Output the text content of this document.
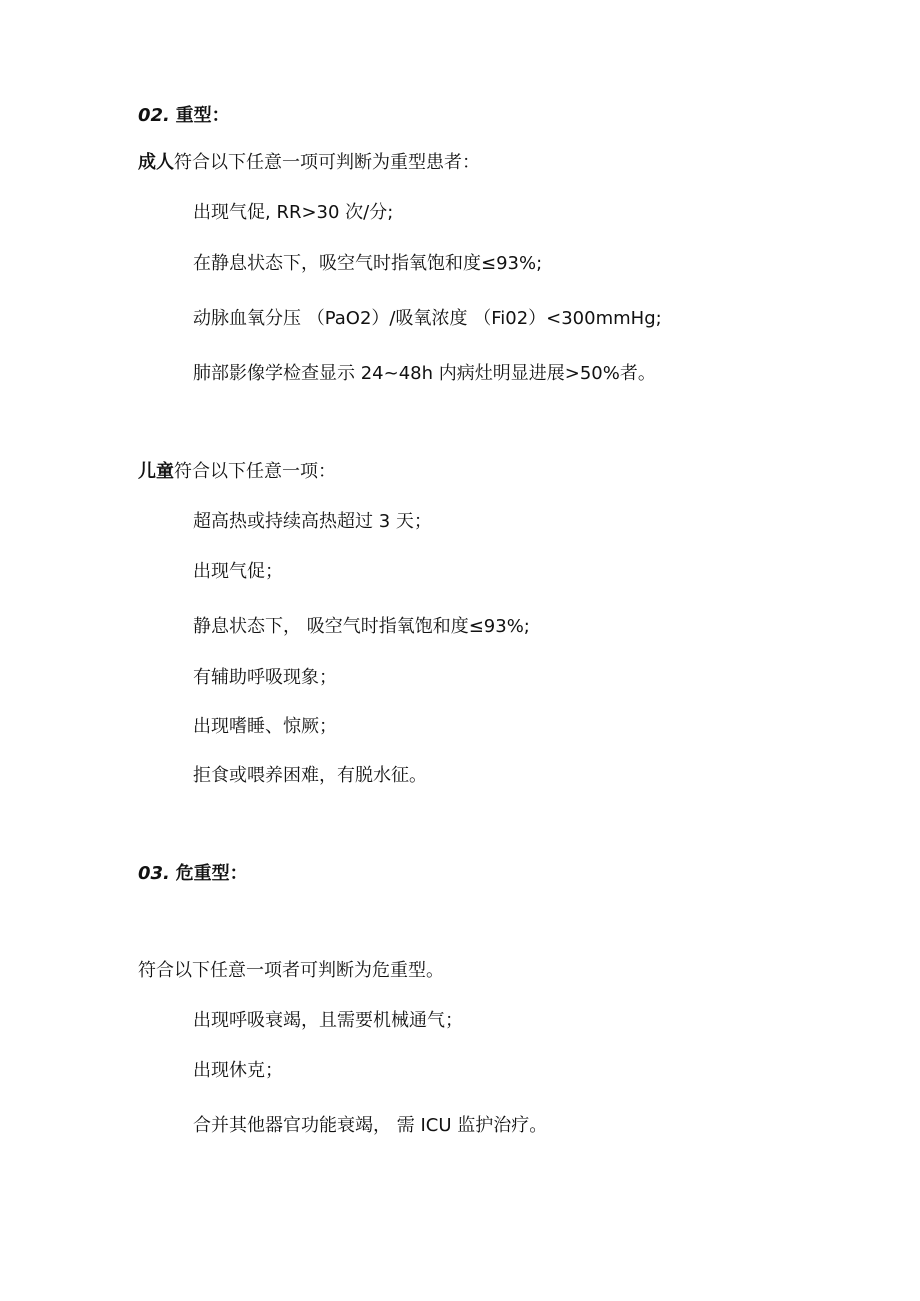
02. 重型：
成人符合以下任意一项可判断为重型患者：
出现气促, RR>30 次/分;
在静息状态下，吸空气时指氧饱和度≤93%;
动脉血氧分压 （PaO2）/吸氧浓度 （Fi02）<300mmHg;
肺部影像学检查显示 24~48h 内病灶明显进展>50%者。
儿童符合以下任意一项：
超高热或持续高热超过 3 天；
出现气促；
静息状态下， 吸空气时指氧饱和度≤93%;
有辅助呼吸现象；
出现嗜睡、惊厥；
拒食或喂养困难，有脱水征。
03. 危重型：
符合以下任意一项者可判断为危重型。
出现呼吸衰竭，且需要机械通气；
出现休克；
合并其他器官功能衰竭， 需 ICU 监护治疗。
